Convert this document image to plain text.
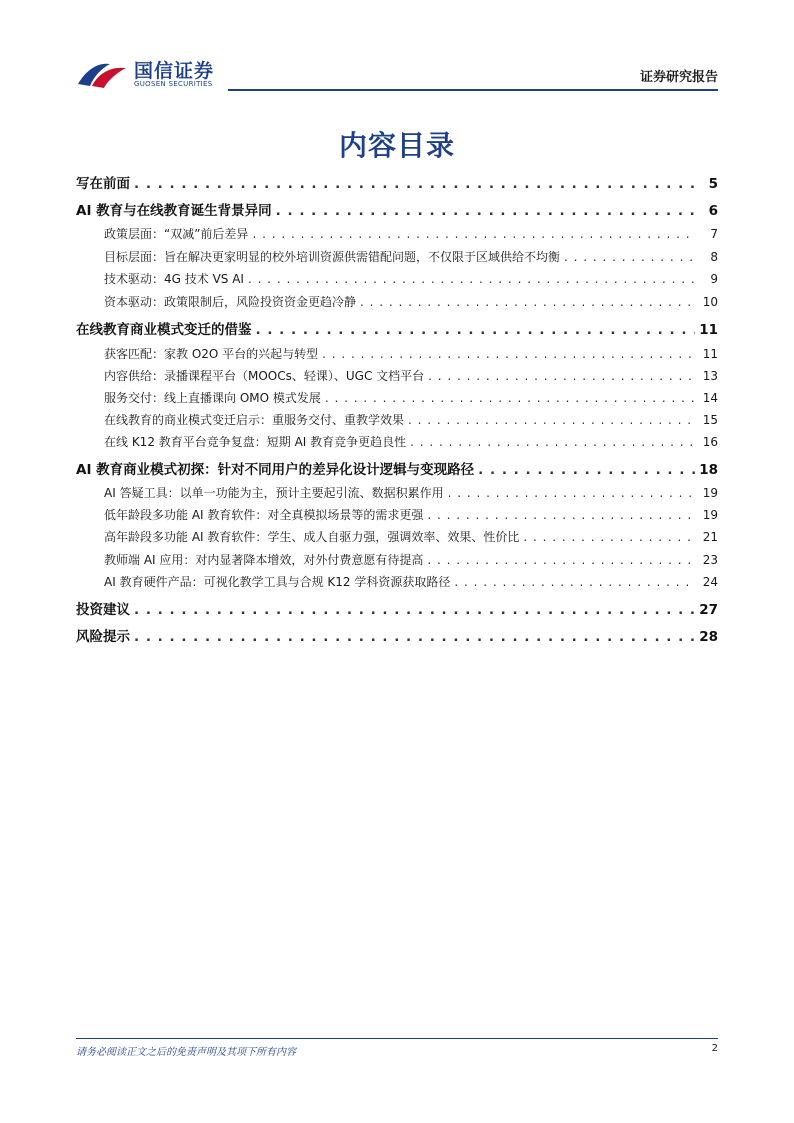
国信证券
GUOSEN SECURITIES	证券研究报告
内容目录
写在前面 . . .	5
AI 教育与在线教育诞生背景异同 . . .	6
政策层面：“双减”前后差异 . . .	7
目标层面：旨在解决更家明显的校外培训资源供需错配问题，不仅限于区域供给不均衡 . . .	8
技术驱动：4G 技术 VS AI . . .	9
资本驱动：政策限制后，风险投资资金更趋冷静 . . .	10
在线教育商业模式变迁的借鉴 . . .	11
获客匹配：家教 O2O 平台的兴起与转型 . . .	11
内容供给：录播课程平台（MOOCs、轻课）、UGC 文档平台 . . .	13
服务交付：线上直播课向 OMO 模式发展 . . .	14
在线教育的商业模式变迁启示：重服务交付、重教学效果 . . .	15
在线 K12 教育平台竞争复盘：短期 AI 教育竞争更趋良性 . . .	16
AI 教育商业模式初探：针对不同用户的差异化设计逻辑与变现路径 . . .	18
AI 答疑工具：以单一功能为主，预计主要起引流、数据积累作用 . . .	19
低年龄段多功能 AI 教育软件：对全真模拟场景等的需求更强 . . .	19
高年龄段多功能 AI 教育软件：学生、成人自驱力强，强调效率、效果、性价比 . . .	21
教师端 AI 应用：对内显著降本增效，对外付费意愿有待提高 . . .	23
AI 教育硬件产品：可视化教学工具与合规 K12 学科资源获取路径 . . .	24
投资建议 . . .	27
风险提示 . . .	28
请务必阅读正文之后的免责声明及其项下所有内容	2
